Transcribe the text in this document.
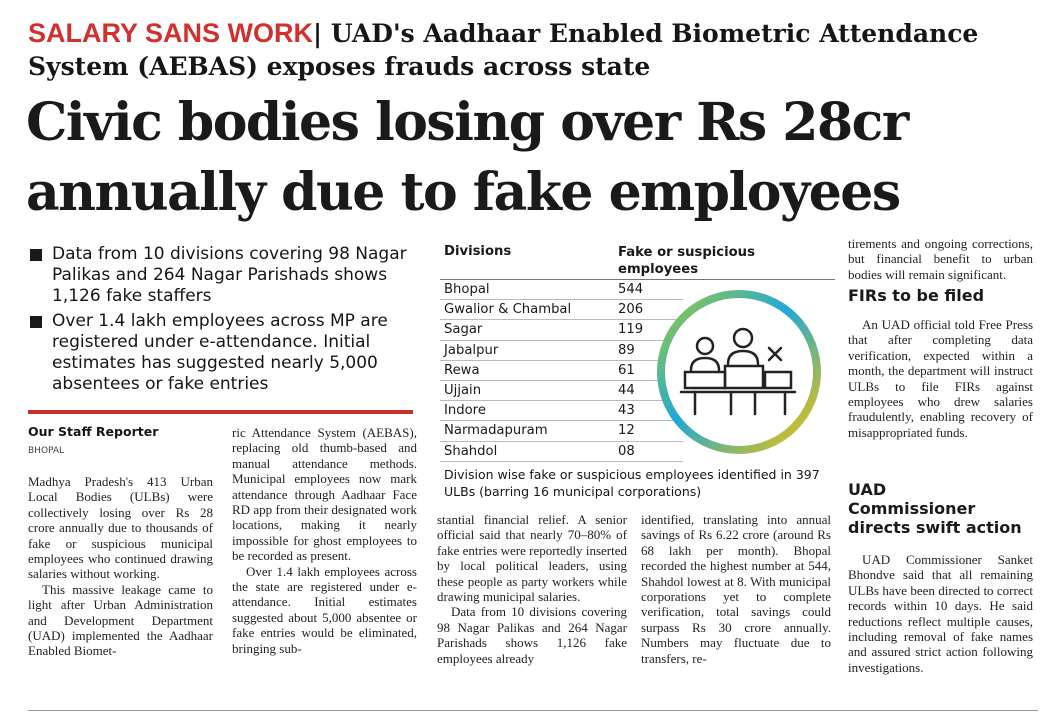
SALARY SANS WORK| UAD's Aadhaar Enabled Biometric Attendance System (AEBAS) exposes frauds across state
Civic bodies losing over Rs 28cr
annually due to fake employees
Data from 10 divisions covering 98 Nagar Palikas and 264 Nagar Parishads shows 1,126 fake staffers
Over 1.4 lakh employees across MP are registered under e-attendance. Initial estimates has suggested nearly 5,000 absentees or fake entries
Our Staff Reporter
BHOPAL

Madhya Pradesh's 413 Urban Local Bodies (ULBs) were collectively losing over Rs 28 crore annually due to thousands of fake or suspicious municipal employees who continued drawing salaries without working.

This massive leakage came to light after Urban Administration and Development Department (UAD) implemented the Aadhaar Enabled Biomet-

ric Attendance System (AEBAS), replacing old thumb-based and manual attendance methods. Municipal employees now mark attendance through Aadhaar Face RD app from their designated work locations, making it nearly impossible for ghost employees to be recorded as present.

Over 1.4 lakh employees across the state are registered under e-attendance. Initial estimates suggested about 5,000 absentee or fake entries would be eliminated, bringing sub-

Divisions	Fake or suspicious employees
Bhopal	544
Gwalior & Chambal	206
Sagar	119
Jabalpur	89
Rewa	61
Ujjain	44
Indore	43
Narmadapuram	12
Shahdol	08
Division wise fake or suspicious employees identified in 397 ULBs (barring 16 municipal corporations)

stantial financial relief. A senior official said that nearly 70–80% of fake entries were reportedly inserted by local political leaders, using these people as party workers while drawing municipal salaries.

Data from 10 divisions covering 98 Nagar Palikas and 264 Nagar Parishads shows 1,126 fake employees already

identified, translating into annual savings of Rs 6.22 crore (around Rs 68 lakh per month). Bhopal recorded the highest number at 544, Shahdol lowest at 8. With municipal corporations yet to complete verification, total savings could surpass Rs 30 crore annually. Numbers may fluctuate due to transfers, re-

tirements and ongoing corrections, but financial benefit to urban bodies will remain significant.

FIRs to be filed

An UAD official told Free Press that after completing data verification, expected within a month, the department will instruct ULBs to file FIRs against employees who drew salaries fraudulently, enabling recovery of misappropriated funds.

UAD
Commissioner
directs swift action

UAD Commissioner Sanket Bhondve said that all remaining ULBs have been directed to correct records within 10 days. He said reductions reflect multiple causes, including removal of fake names and assured strict action following investigations.
